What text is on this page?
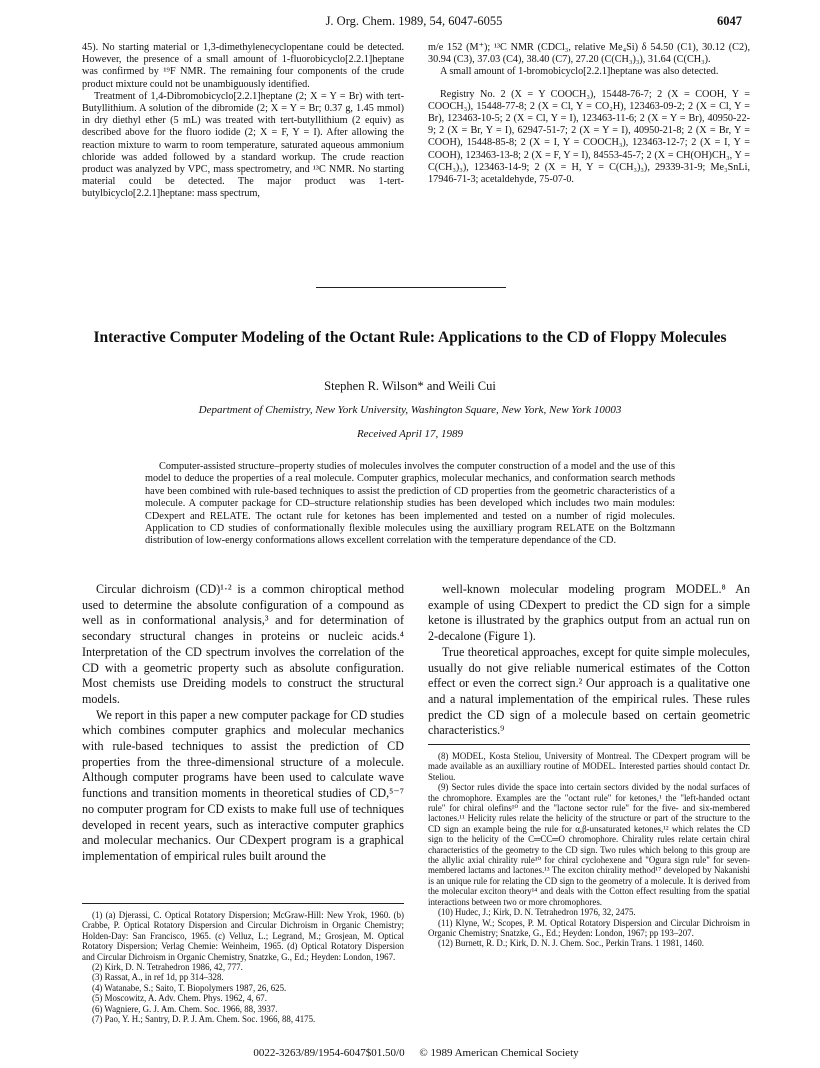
J. Org. Chem. 1989, 54, 6047-6055	6047

45). No starting material or 1,3-dimethylenecyclopentane could be detected. However, the presence of a small amount of 1-fluorobicyclo[2.2.1]heptane was confirmed by ¹⁹F NMR. The remaining four components of the crude product mixture could not be unambiguously identified.

Treatment of 1,4-Dibromobicyclo[2.2.1]heptane (2; X = Y = Br) with tert-Butyllithium. A solution of the dibromide (2; X = Y = Br; 0.37 g, 1.45 mmol) in dry diethyl ether (5 mL) was treated with tert-butyllithium (2 equiv) as described above for the fluoro iodide (2; X = F, Y = I). After allowing the reaction mixture to warm to room temperature, saturated aqueous ammonium chloride was added followed by a standard workup. The crude reaction product was analyzed by VPC, mass spectrometry, and ¹³C NMR. No starting material could be detected. The major product was 1-tert-butylbicyclo[2.2.1]heptane: mass spectrum,

m/e 152 (M⁺); ¹³C NMR (CDCl₃, relative Me₄Si) δ 54.50 (C1), 30.12 (C2), 30.94 (C3), 37.03 (C4), 38.40 (C7), 27.20 (C(CH₃)₃), 31.64 (C(CH₃).

A small amount of 1-bromobicyclo[2.2.1]heptane was also detected.

Registry No. 2 (X = Y COOCH₃), 15448-76-7; 2 (X = COOH, Y = COOCH₃), 15448-77-8; 2 (X = Cl, Y = CO₂H), 123463-09-2; 2 (X = Cl, Y = Br), 123463-10-5; 2 (X = Cl, Y = I), 123463-11-6; 2 (X = Y = Br), 40950-22-9; 2 (X = Br, Y = I), 62947-51-7; 2 (X = Y = I), 40950-21-8; 2 (X = Br, Y = COOH), 15448-85-8; 2 (X = I, Y = COOCH₃), 123463-12-7; 2 (X = I, Y = COOH), 123463-13-8; 2 (X = F, Y = I), 84553-45-7; 2 (X = CH(OH)CH₃, Y = C(CH₃)₃), 123463-14-9; 2 (X = H, Y = C(CH₃)₃), 29339-31-9; Me₃SnLi, 17946-71-3; acetaldehyde, 75-07-0.

Interactive Computer Modeling of the Octant Rule: Applications to the CD of Floppy Molecules
Stephen R. Wilson* and Weili Cui
Department of Chemistry, New York University, Washington Square, New York, New York 10003
Received April 17, 1989

Computer-assisted structure–property studies of molecules involves the computer construction of a model and the use of this model to deduce the properties of a real molecule. Computer graphics, molecular mechanics, and conformation search methods have been combined with rule-based techniques to assist the prediction of CD properties from the geometric characteristics of a molecule. A computer package for CD–structure relationship studies has been developed which includes two main modules: CDexpert and RELATE. The octant rule for ketones has been implemented and tested on a number of rigid molecules. Application to CD studies of conformationally flexible molecules using the auxilliary program RELATE on the Boltzmann distribution of low-energy conformations allows excellent correlation with the temperature dependance of the CD.

Circular dichroism (CD)¹·² is a common chiroptical method used to determine the absolute configuration of a compound as well as in conformational analysis,³ and for determination of secondary structural changes in proteins or nucleic acids.⁴ Interpretation of the CD spectrum involves the correlation of the CD with a geometric property such as absolute configuration. Most chemists use Dreiding models to construct the structural models.

We report in this paper a new computer package for CD studies which combines computer graphics and molecular mechanics with rule-based techniques to assist the prediction of CD properties from the three-dimensional structure of a molecule. Although computer programs have been used to calculate wave functions and transition moments in theoretical studies of CD,⁵⁻⁷ no computer program for CD exists to make full use of techniques developed in recent years, such as interactive computer graphics and molecular mechanics. Our CDexpert program is a graphical implementation of empirical rules built around the

well-known molecular modeling program MODEL.⁸ An example of using CDexpert to predict the CD sign for a simple ketone is illustrated by the graphics output from an actual run on 2-decalone (Figure 1).

True theoretical approaches, except for quite simple molecules, usually do not give reliable numerical estimates of the Cotton effect or even the correct sign.² Our approach is a qualitative one and a natural implementation of the empirical rules. These rules predict the CD sign of a molecule based on certain geometric characteristics.⁹

(8) MODEL, Kosta Steliou, University of Montreal. The CDexpert program will be made available as an auxilliary routine of MODEL. Interested parties should contact Dr. Steliou.

(9) Sector rules divide the space into certain sectors divided by the nodal surfaces of the chromophore. Examples are the "octant rule" for ketones,¹ the "left-handed octant rule" for chiral olefins¹⁰ and the "lactone sector rule" for the five- and six-membered lactones.¹¹ Helicity rules relate the helicity of the structure or part of the structure to the CD sign an example being the rule for α,β-unsaturated ketones,¹² which relates the CD sign to the helicity of the C═CC═O chromophore. Chirality rules relate certain chiral characteristics of the geometry to the CD sign. Two rules which belong to this group are the allylic axial chirality rule¹⁰ for chiral cyclohexene and "Ogura sign rule" for seven-membered lactams and lactones.¹³ The exciton chirality method¹⁷ developed by Nakanishi is an unique rule for relating the CD sign to the geometry of a molecule. It is derived from the molecular exciton theory¹⁴ and deals with the Cotton effect resulting from the spatial interactions between two or more chromophores.

(10) Hudec, J.; Kirk, D. N. Tetrahedron 1976, 32, 2475.

(11) Klyne, W.; Scopes, P. M. Optical Rotatory Dispersion and Circular Dichroism in Organic Chemistry; Snatzke, G., Ed.; Heyden: London, 1967; pp 193–207.

(12) Burnett, R. D.; Kirk, D. N. J. Chem. Soc., Perkin Trans. 1 1981, 1460.

(1) (a) Djerassi, C. Optical Rotatory Dispersion; McGraw-Hill: New Yrok, 1960. (b) Crabbe, P. Optical Rotatory Dispersion and Circular Dichroism in Organic Chemistry; Holden-Day: San Francisco, 1965. (c) Velluz, L.; Legrand, M.; Grosjean, M. Optical Rotatory Dispersion; Verlag Chemie: Weinheim, 1965. (d) Optical Rotatory Dispersion and Circular Dichroism in Organic Chemistry, Snatzke, G., Ed.; Heyden: London, 1967.

(2) Kirk, D. N. Tetrahedron 1986, 42, 777.

(3) Rassat, A., in ref 1d, pp 314–328.

(4) Watanabe, S.; Saito, T. Biopolymers 1987, 26, 625.

(5) Moscowitz, A. Adv. Chem. Phys. 1962, 4, 67.

(6) Wagniere, G. J. Am. Chem. Soc. 1966, 88, 3937.

(7) Pao, Y. H.; Santry, D. P. J. Am. Chem. Soc. 1966, 88, 4175.

0022-3263/89/1954-6047$01.50/0 © 1989 American Chemical Society
